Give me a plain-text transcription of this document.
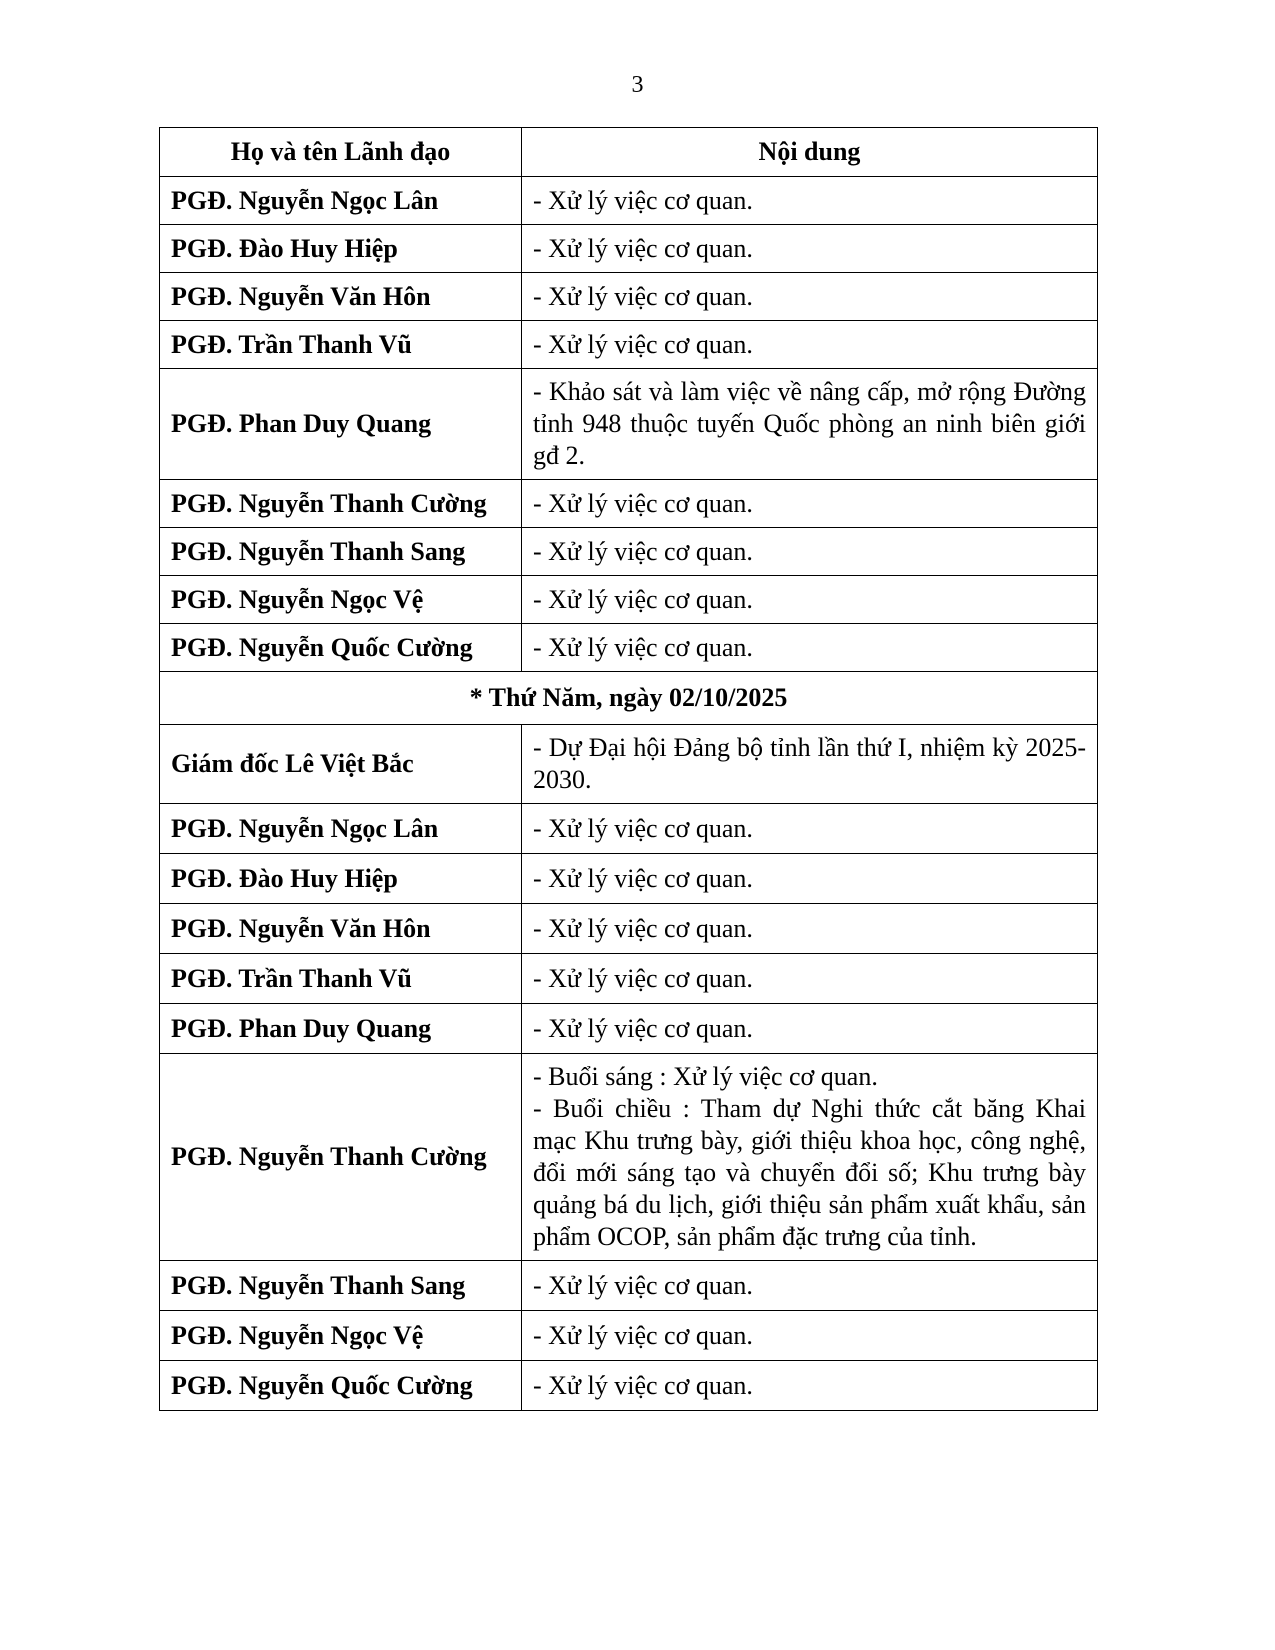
3
Họ và tên Lãnh đạo	Nội dung
PGĐ. Nguyễn Ngọc Lân	- Xử lý việc cơ quan.

PGĐ. Đào Huy Hiệp	- Xử lý việc cơ quan.

PGĐ. Nguyễn Văn Hôn	- Xử lý việc cơ quan.

PGĐ. Trần Thanh Vũ	- Xử lý việc cơ quan.

PGĐ. Phan Duy Quang	- Khảo sát và làm việc về nâng cấp, mở rộng Đường tỉnh 948 thuộc tuyến Quốc phòng an ninh biên giới gđ 2.

PGĐ. Nguyễn Thanh Cường	- Xử lý việc cơ quan.

PGĐ. Nguyễn Thanh Sang	- Xử lý việc cơ quan.

PGĐ. Nguyễn Ngọc Vệ	- Xử lý việc cơ quan.

PGĐ. Nguyễn Quốc Cường	- Xử lý việc cơ quan.

* Thứ Năm, ngày 02/10/2025	
Giám đốc Lê Việt Bắc	- Dự Đại hội Đảng bộ tỉnh lần thứ I, nhiệm kỳ 2025-2030.

PGĐ. Nguyễn Ngọc Lân	- Xử lý việc cơ quan.

PGĐ. Đào Huy Hiệp	- Xử lý việc cơ quan.

PGĐ. Nguyễn Văn Hôn	- Xử lý việc cơ quan.

PGĐ. Trần Thanh Vũ	- Xử lý việc cơ quan.

PGĐ. Phan Duy Quang	- Xử lý việc cơ quan.

PGĐ. Nguyễn Thanh Cường	- Buổi sáng : Xử lý việc cơ quan.
- Buổi chiều : Tham dự Nghi thức cắt băng Khai mạc Khu trưng bày, giới thiệu khoa học, công nghệ, đổi mới sáng tạo và chuyển đổi số; Khu trưng bày quảng bá du lịch, giới thiệu sản phẩm xuất khẩu, sản phẩm OCOP, sản phẩm đặc trưng của tỉnh.

PGĐ. Nguyễn Thanh Sang	- Xử lý việc cơ quan.

PGĐ. Nguyễn Ngọc Vệ	- Xử lý việc cơ quan.

PGĐ. Nguyễn Quốc Cường	- Xử lý việc cơ quan.
